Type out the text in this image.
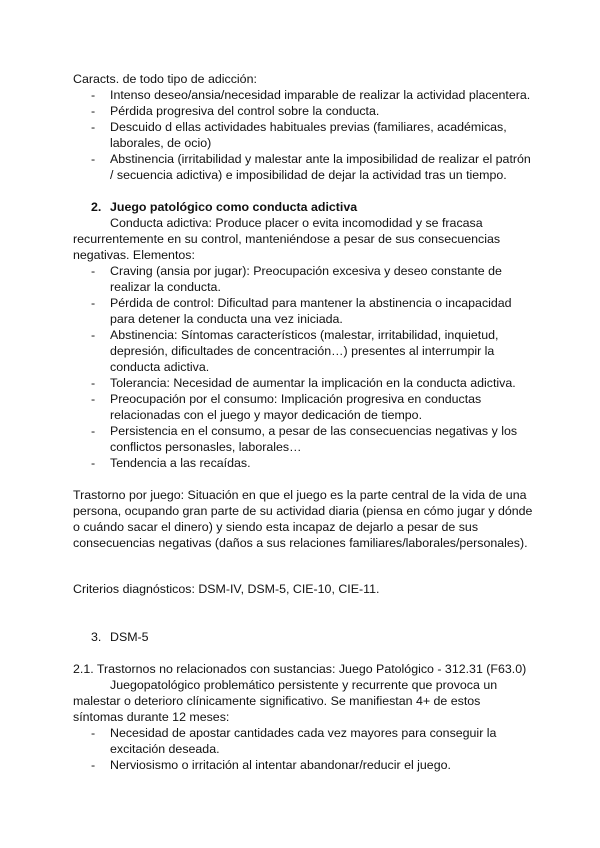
Caracts. de todo tipo de adicción:

- Intenso deseo/ansia/necesidad imparable de realizar la actividad placentera.
- Pérdida progresiva del control sobre la conducta.
- Descuido d ellas actividades habituales previas (familiares, académicas, laborales, de ocio)
- Abstinencia (irritabilidad y malestar ante la imposibilidad de realizar el patrón / secuencia adictiva) e imposibilidad de dejar la actividad tras un tiempo.

2. Juego patológico como conducta adictiva

Conducta adictiva: Produce placer o evita incomodidad y se fracasa recurrentemente en su control, manteniéndose a pesar de sus consecuencias negativas. Elementos:

- Craving (ansia por jugar): Preocupación excesiva y deseo constante de realizar la conducta.
- Pérdida de control: Dificultad para mantener la abstinencia o incapacidad para detener la conducta una vez iniciada.
- Abstinencia: Síntomas característicos (malestar, irritabilidad, inquietud, depresión, dificultades de concentración…) presentes al interrumpir la conducta adictiva.
- Tolerancia: Necesidad de aumentar la implicación en la conducta adictiva.
- Preocupación por el consumo: Implicación progresiva en conductas relacionadas con el juego y mayor dedicación de tiempo.
- Persistencia en el consumo, a pesar de las consecuencias negativas y los conflictos personasles, laborales…
- Tendencia a las recaídas.

Trastorno por juego: Situación en que el juego es la parte central de la vida de una persona, ocupando gran parte de su actividad diaria (piensa en cómo jugar y dónde o cuándo sacar el dinero) y siendo esta incapaz de dejarlo a pesar de sus consecuencias negativas (daños a sus relaciones familiares/laborales/personales).

Criterios diagnósticos: DSM-IV, DSM-5, CIE-10, CIE-11.

3. DSM-5

2.1. Trastornos no relacionados con sustancias: Juego Patológico - 312.31 (F63.0)

Juegopatológico problemático persistente y recurrente que provoca un malestar o deterioro clínicamente significativo. Se manifiestan 4+ de estos síntomas durante 12 meses:

- Necesidad de apostar cantidades cada vez mayores para conseguir la excitación deseada.
- Nerviosismo o irritación al intentar abandonar/reducir el juego.
